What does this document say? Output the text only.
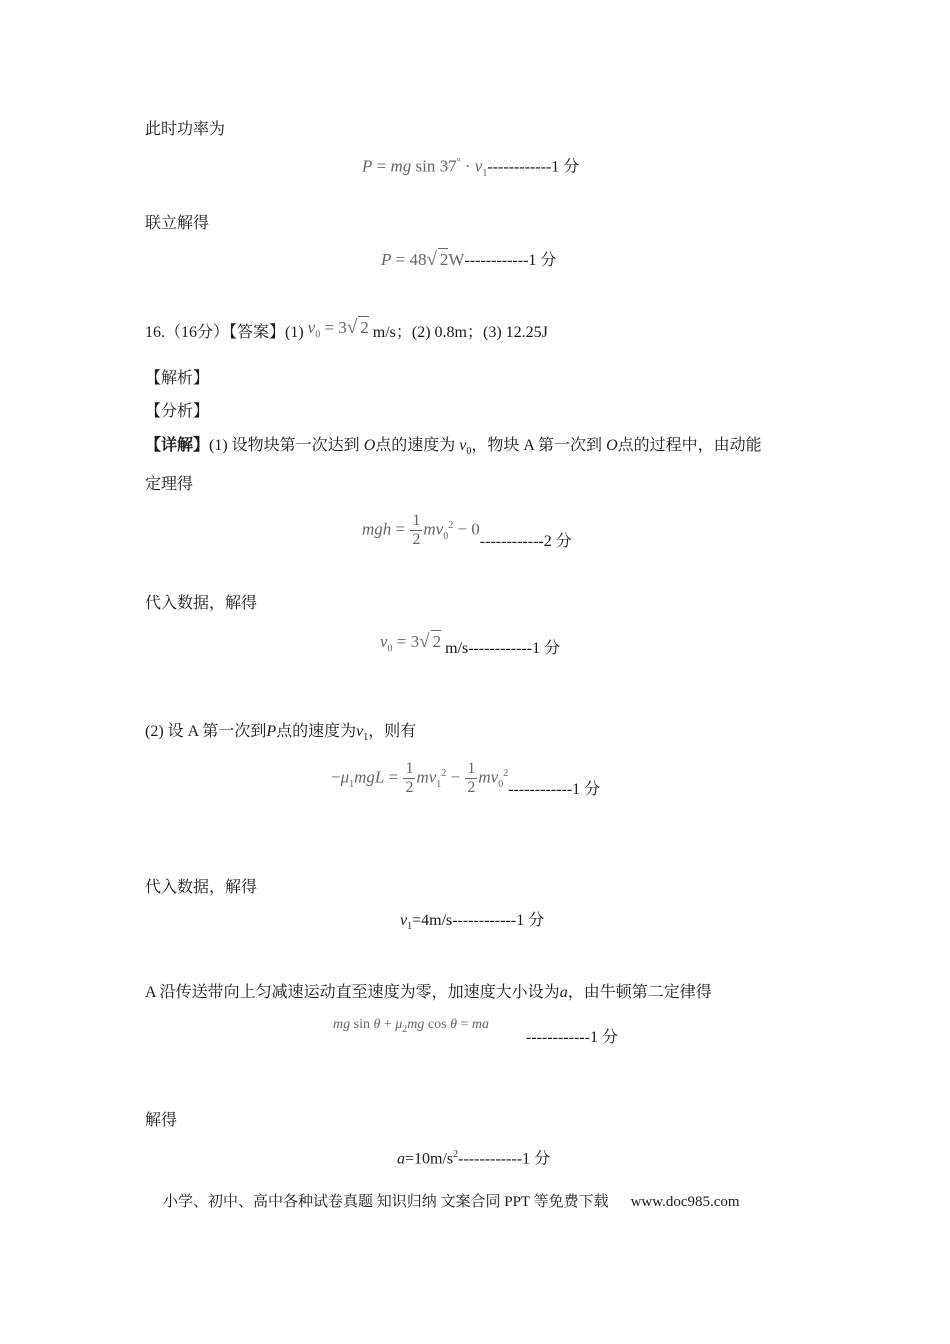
此时功率为
P = mg $\sin 37^\circ \cdot v_1------------1$ 分
联立解得
P = 48√ 2W------------1 分
16.（16分）【答案】(1) $v_0 = 3√$ 2 m/s；(2) 0.8m；(3) 12.25J
【解析】
【分析】
【详解】(1) 设物块第一次达到 O点的速度为 $v_0$，物块 A 第一次到 O点的过程中，由动能
定理得
mgh = $\frac{1}{2} mv_0^2 - 0------------2$ 分
代入数据，解得
$v_0 = 3√$ 2 m/s------------1 分
(2) 设 A 第一次到P点的速度为$v_1$，则有
$-\mu_1mgL = \frac{1}{2} mv_1^2 - \frac{1}{2} mv_0^2------------1$ 分
代入数据，解得
$v_1=4m/s------------1$ 分
A 沿传送带向上匀减速运动直至速度为零，加速度大小设为a，由牛顿第二定律得
mg $\sin \theta + \mu_2mg$ cos θ = ma
------------1 分
解得
$a=10m/s^2------------1$ 分
小学、初中、高中各种试卷真题 知识归纳 文案合同 PPT 等免费下载 www.doc985.com
